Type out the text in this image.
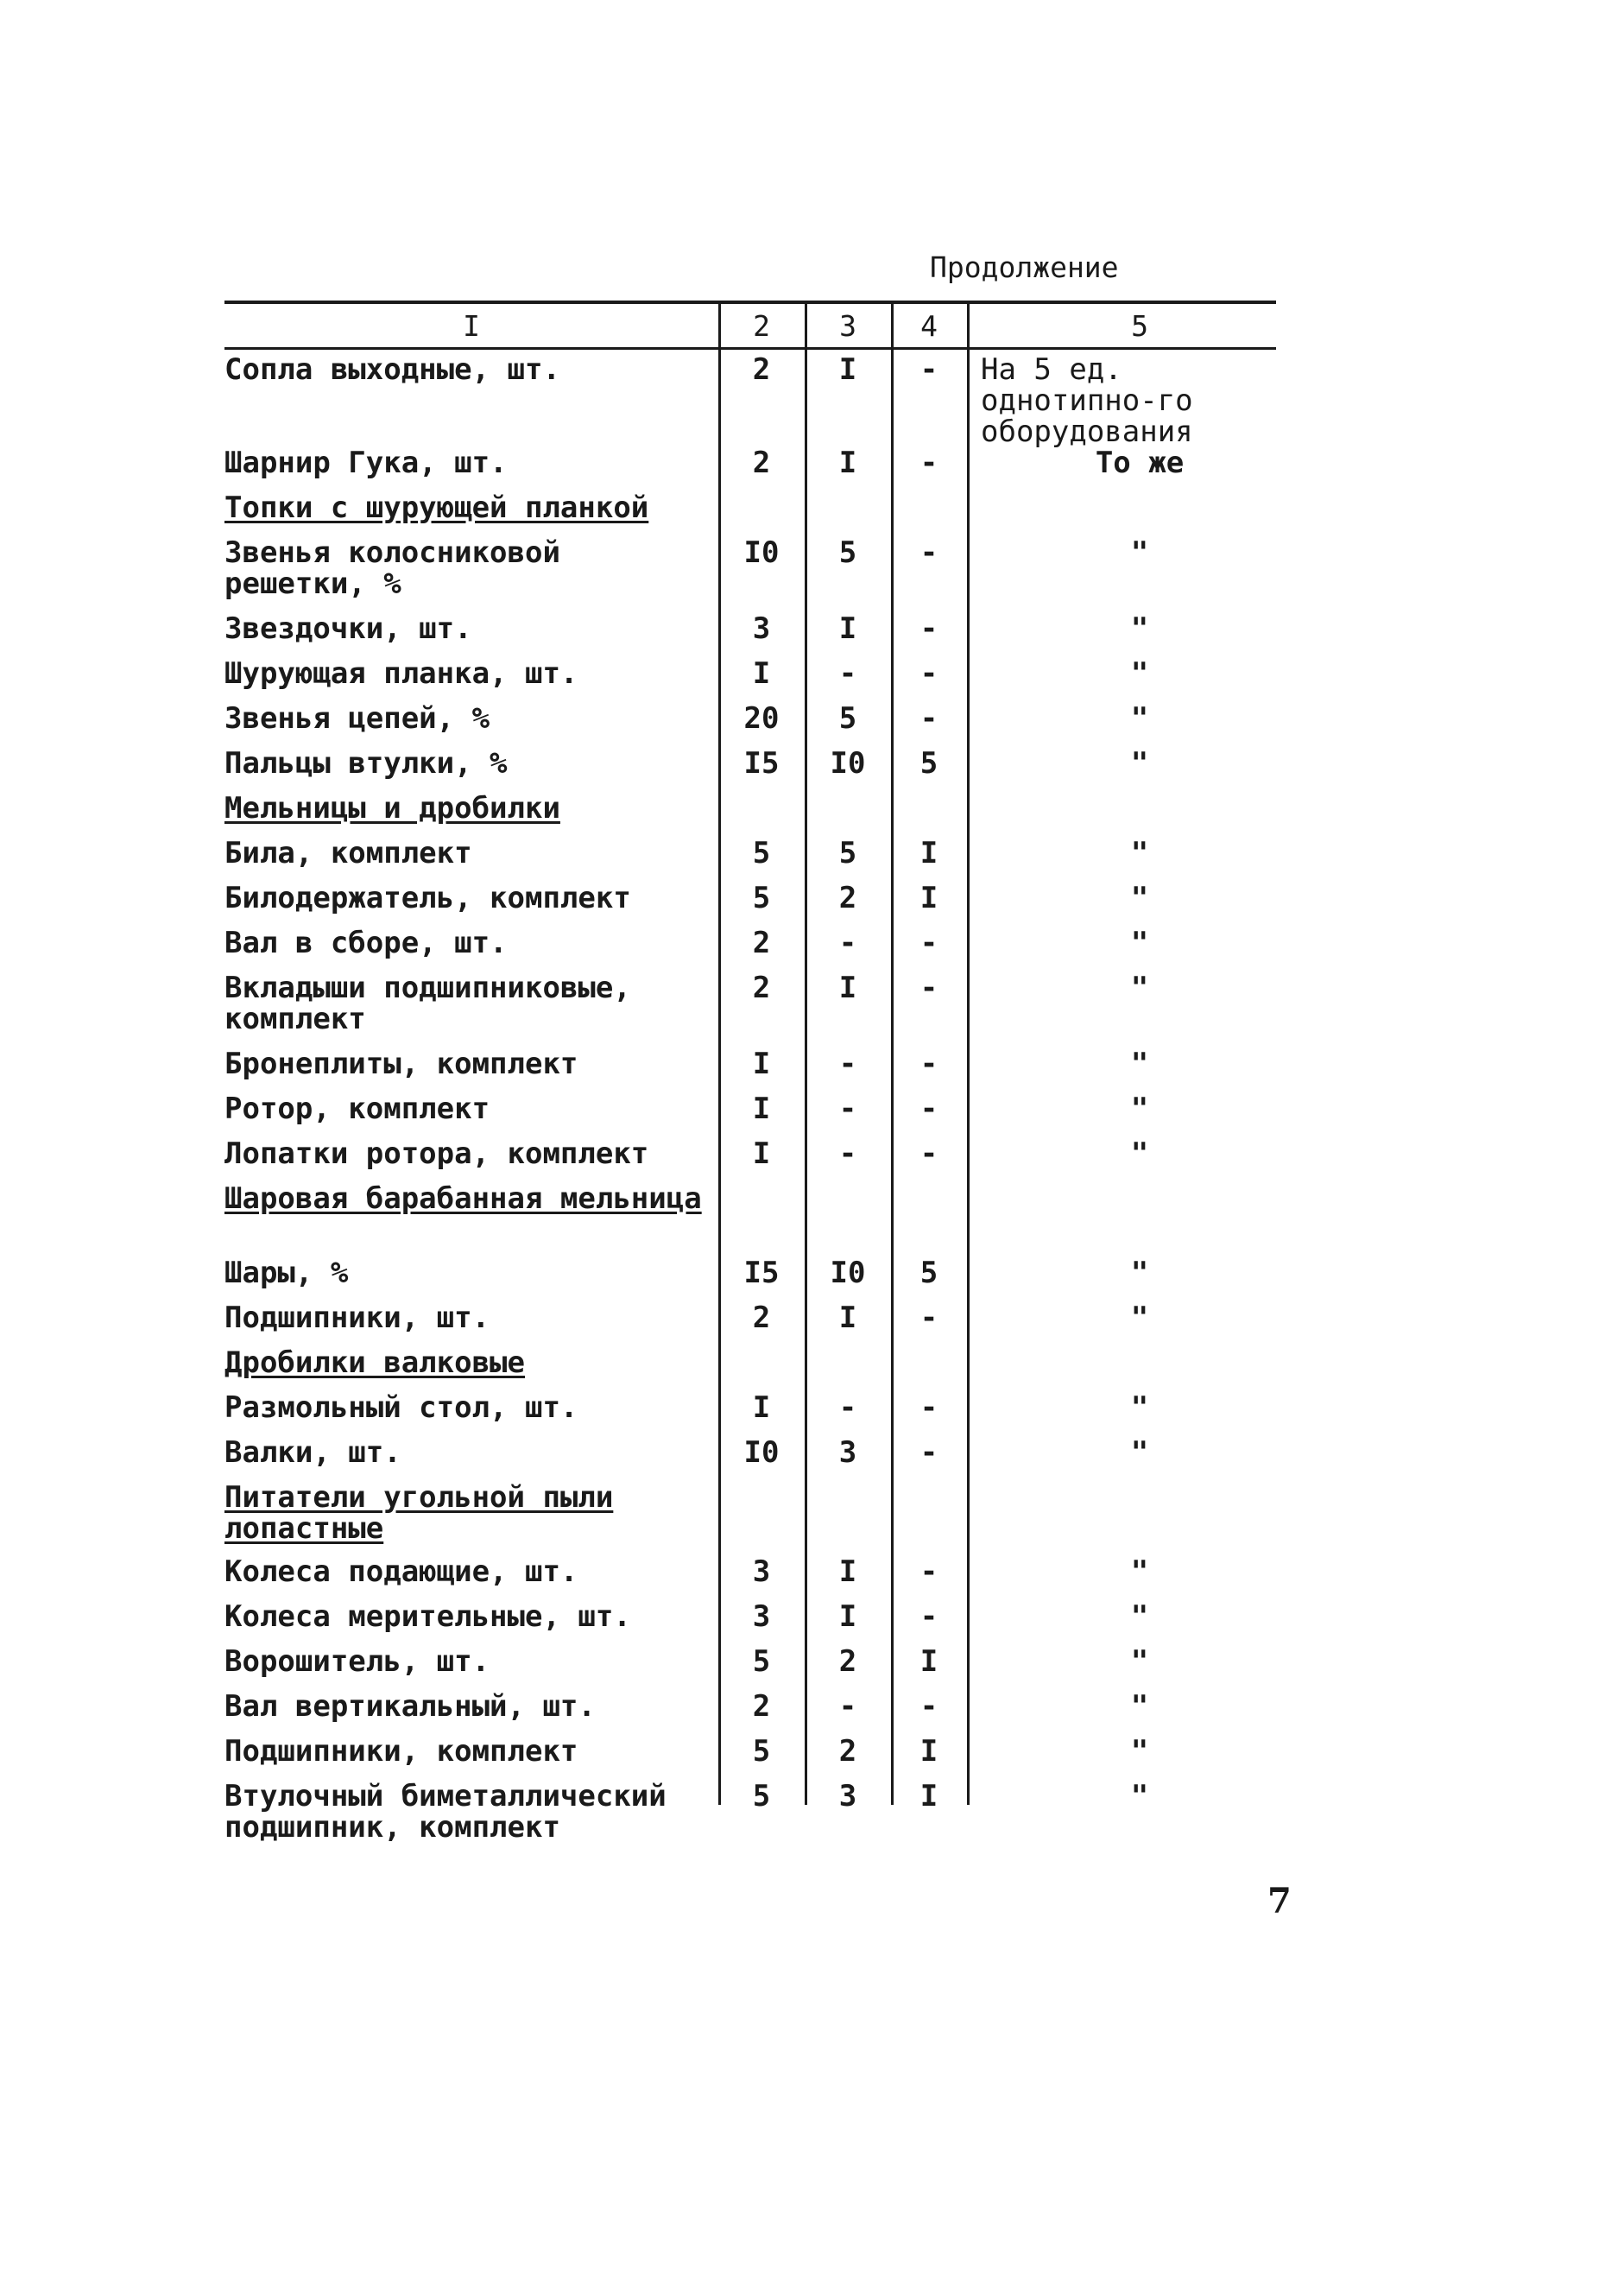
Продолжение
I	2	3	4	5
Сопла выходные, шт.	2	I	-	На 5 ед. однотипно-го оборудования
Шарнир Гука, шт.	2	I	-	То же
Топки с шурующей планкой				
Звенья колосниковой решетки, %	I0	5	-	"
Звездочки, шт.	3	I	-	"
Шурующая планка, шт.	I	-	-	"
Звенья цепей, %	20	5	-	"
Пальцы втулки, %	I5	I0	5	"
Мельницы и дробилки				
Била, комплект	5	5	I	"
Билодержатель, комплект	5	2	I	"
Вал в сборе, шт.	2	-	-	"
Вкладыши подшипниковые, комплект	2	I	-	"
Бронеплиты, комплект	I	-	-	"
Ротор, комплект	I	-	-	"
Лопатки ротора, комплект	I	-	-	"
Шаровая барабанная мельница				
Шары, %	I5	I0	5	"
Подшипники, шт.	2	I	-	"
Дробилки валковые				
Размольный стол, шт.	I	-	-	"
Валки, шт.	I0	3	-	"
Питатели угольной пыли лопастные				
Колеса подающие, шт.	3	I	-	"
Колеса мерительные, шт.	3	I	-	"
Ворошитель, шт.	5	2	I	"
Вал вертикальный, шт.	2	-	-	"
Подшипники, комплект	5	2	I	"
Втулочный биметаллический подшипник, комплект	5	3	I	"
7
